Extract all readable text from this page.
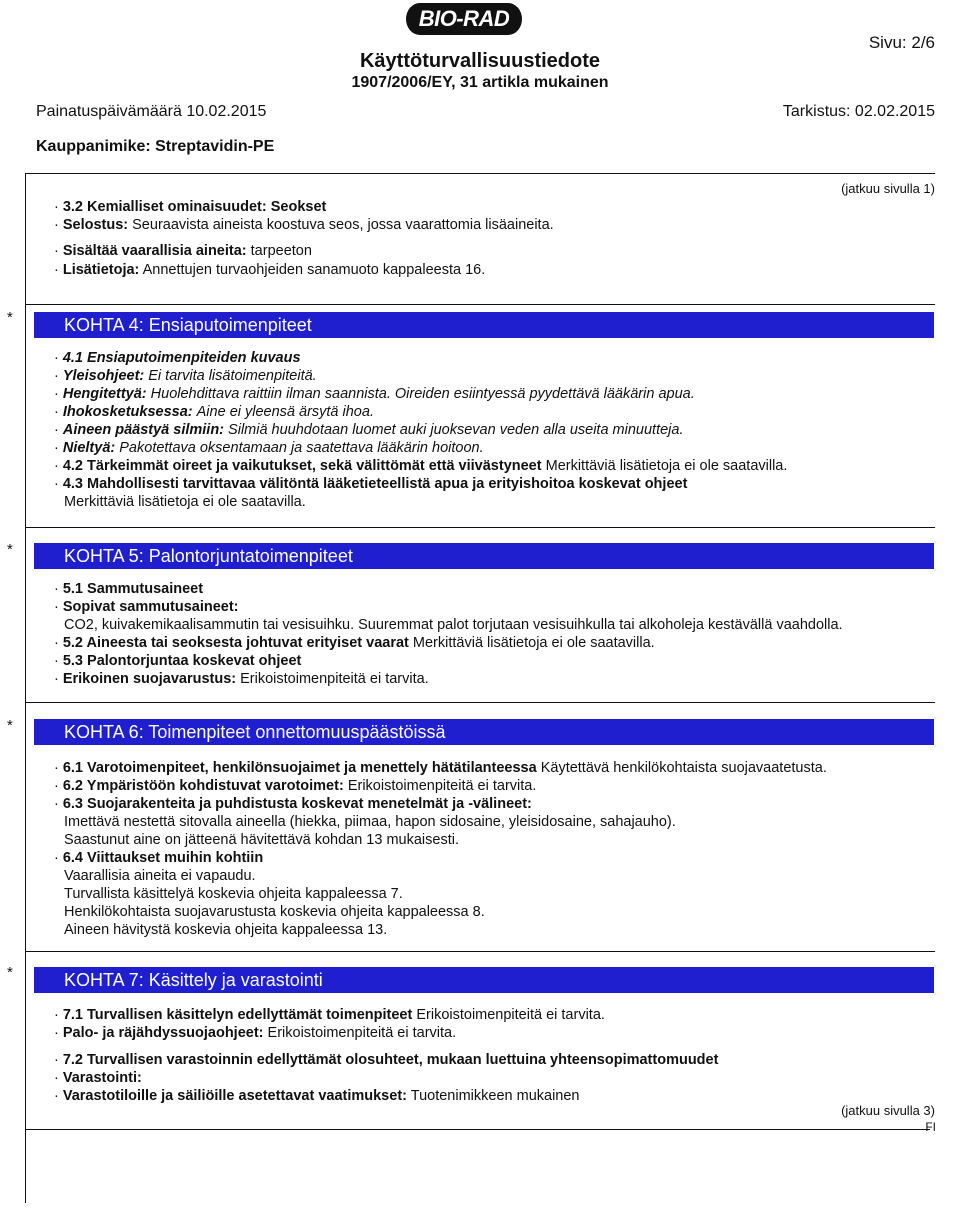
BIO-RAD
Käyttöturvallisuustiedote
1907/2006/EY, 31 artikla mukainen
Sivu: 2/6
Painatuspäivämäärä 10.02.2015	Tarkistus: 02.02.2015
Kauppanimike: Streptavidin-PE
(jatkuu sivulla 1)
· 3.2 Kemialliset ominaisuudet: Seokset
· Selostus: Seuraavista aineista koostuva seos, jossa vaarattomia lisäaineita.
· Sisältää vaarallisia aineita: tarpeeton
· Lisätietoja: Annettujen turvaohjeiden sanamuoto kappaleesta 16.
*	KOHTA 4: Ensiaputoimenpiteet
· 4.1 Ensiaputoimenpiteiden kuvaus
· Yleisohjeet: Ei tarvita lisätoimenpiteitä.
· Hengitettyä: Huolehdittava raittiin ilman saannista. Oireiden esiintyessä pyydettävä lääkärin apua.
· Ihokosketuksessa: Aine ei yleensä ärsytä ihoa.
· Aineen päästyä silmiin: Silmiä huuhdotaan luomet auki juoksevan veden alla useita minuutteja.
· Nieltyä: Pakotettava oksentamaan ja saatettava lääkärin hoitoon.
· 4.2 Tärkeimmät oireet ja vaikutukset, sekä välittömät että viivästyneet Merkittäviä lisätietoja ei ole saatavilla.
· 4.3 Mahdollisesti tarvittavaa välitöntä lääketieteellistä apua ja erityishoitoa koskevat ohjeet
Merkittäviä lisätietoja ei ole saatavilla.
*	KOHTA 5: Palontorjuntatoimenpiteet
· 5.1 Sammutusaineet
· Sopivat sammutusaineet:
CO2, kuivakemikaalisammutin tai vesisuihku. Suuremmat palot torjutaan vesisuihkulla tai alkoholeja kestävällä vaahdolla.
· 5.2 Aineesta tai seoksesta johtuvat erityiset vaarat Merkittäviä lisätietoja ei ole saatavilla.
· 5.3 Palontorjuntaa koskevat ohjeet
· Erikoinen suojavarustus: Erikoistoimenpiteitä ei tarvita.
*	KOHTA 6: Toimenpiteet onnettomuuspäästöissä
· 6.1 Varotoimenpiteet, henkilönsuojaimet ja menettely hätätilanteessa Käytettävä henkilökohtaista suojavaatetusta.
· 6.2 Ympäristöön kohdistuvat varotoimet: Erikoistoimenpiteitä ei tarvita.
· 6.3 Suojarakenteita ja puhdistusta koskevat menetelmät ja -välineet:
Imettävä nestettä sitovalla aineella (hiekka, piimaa, hapon sidosaine, yleisidosaine, sahajauho).
Saastunut aine on jätteenä hävitettävä kohdan 13 mukaisesti.
· 6.4 Viittaukset muihin kohtiin
Vaarallisia aineita ei vapaudu.
Turvallista käsittelyä koskevia ohjeita kappaleessa 7.
Henkilökohtaista suojavarustusta koskevia ohjeita kappaleessa 8.
Aineen hävitystä koskevia ohjeita kappaleessa 13.
*	KOHTA 7: Käsittely ja varastointi
· 7.1 Turvallisen käsittelyn edellyttämät toimenpiteet Erikoistoimenpiteitä ei tarvita.
· Palo- ja räjähdyssuojaohjeet: Erikoistoimenpiteitä ei tarvita.
· 7.2 Turvallisen varastoinnin edellyttämät olosuhteet, mukaan luettuina yhteensopimattomuudet
· Varastointi:
· Varastotiloille ja säiliöille asetettavat vaatimukset: Tuotenimikkeen mukainen
(jatkuu sivulla 3)
FI
